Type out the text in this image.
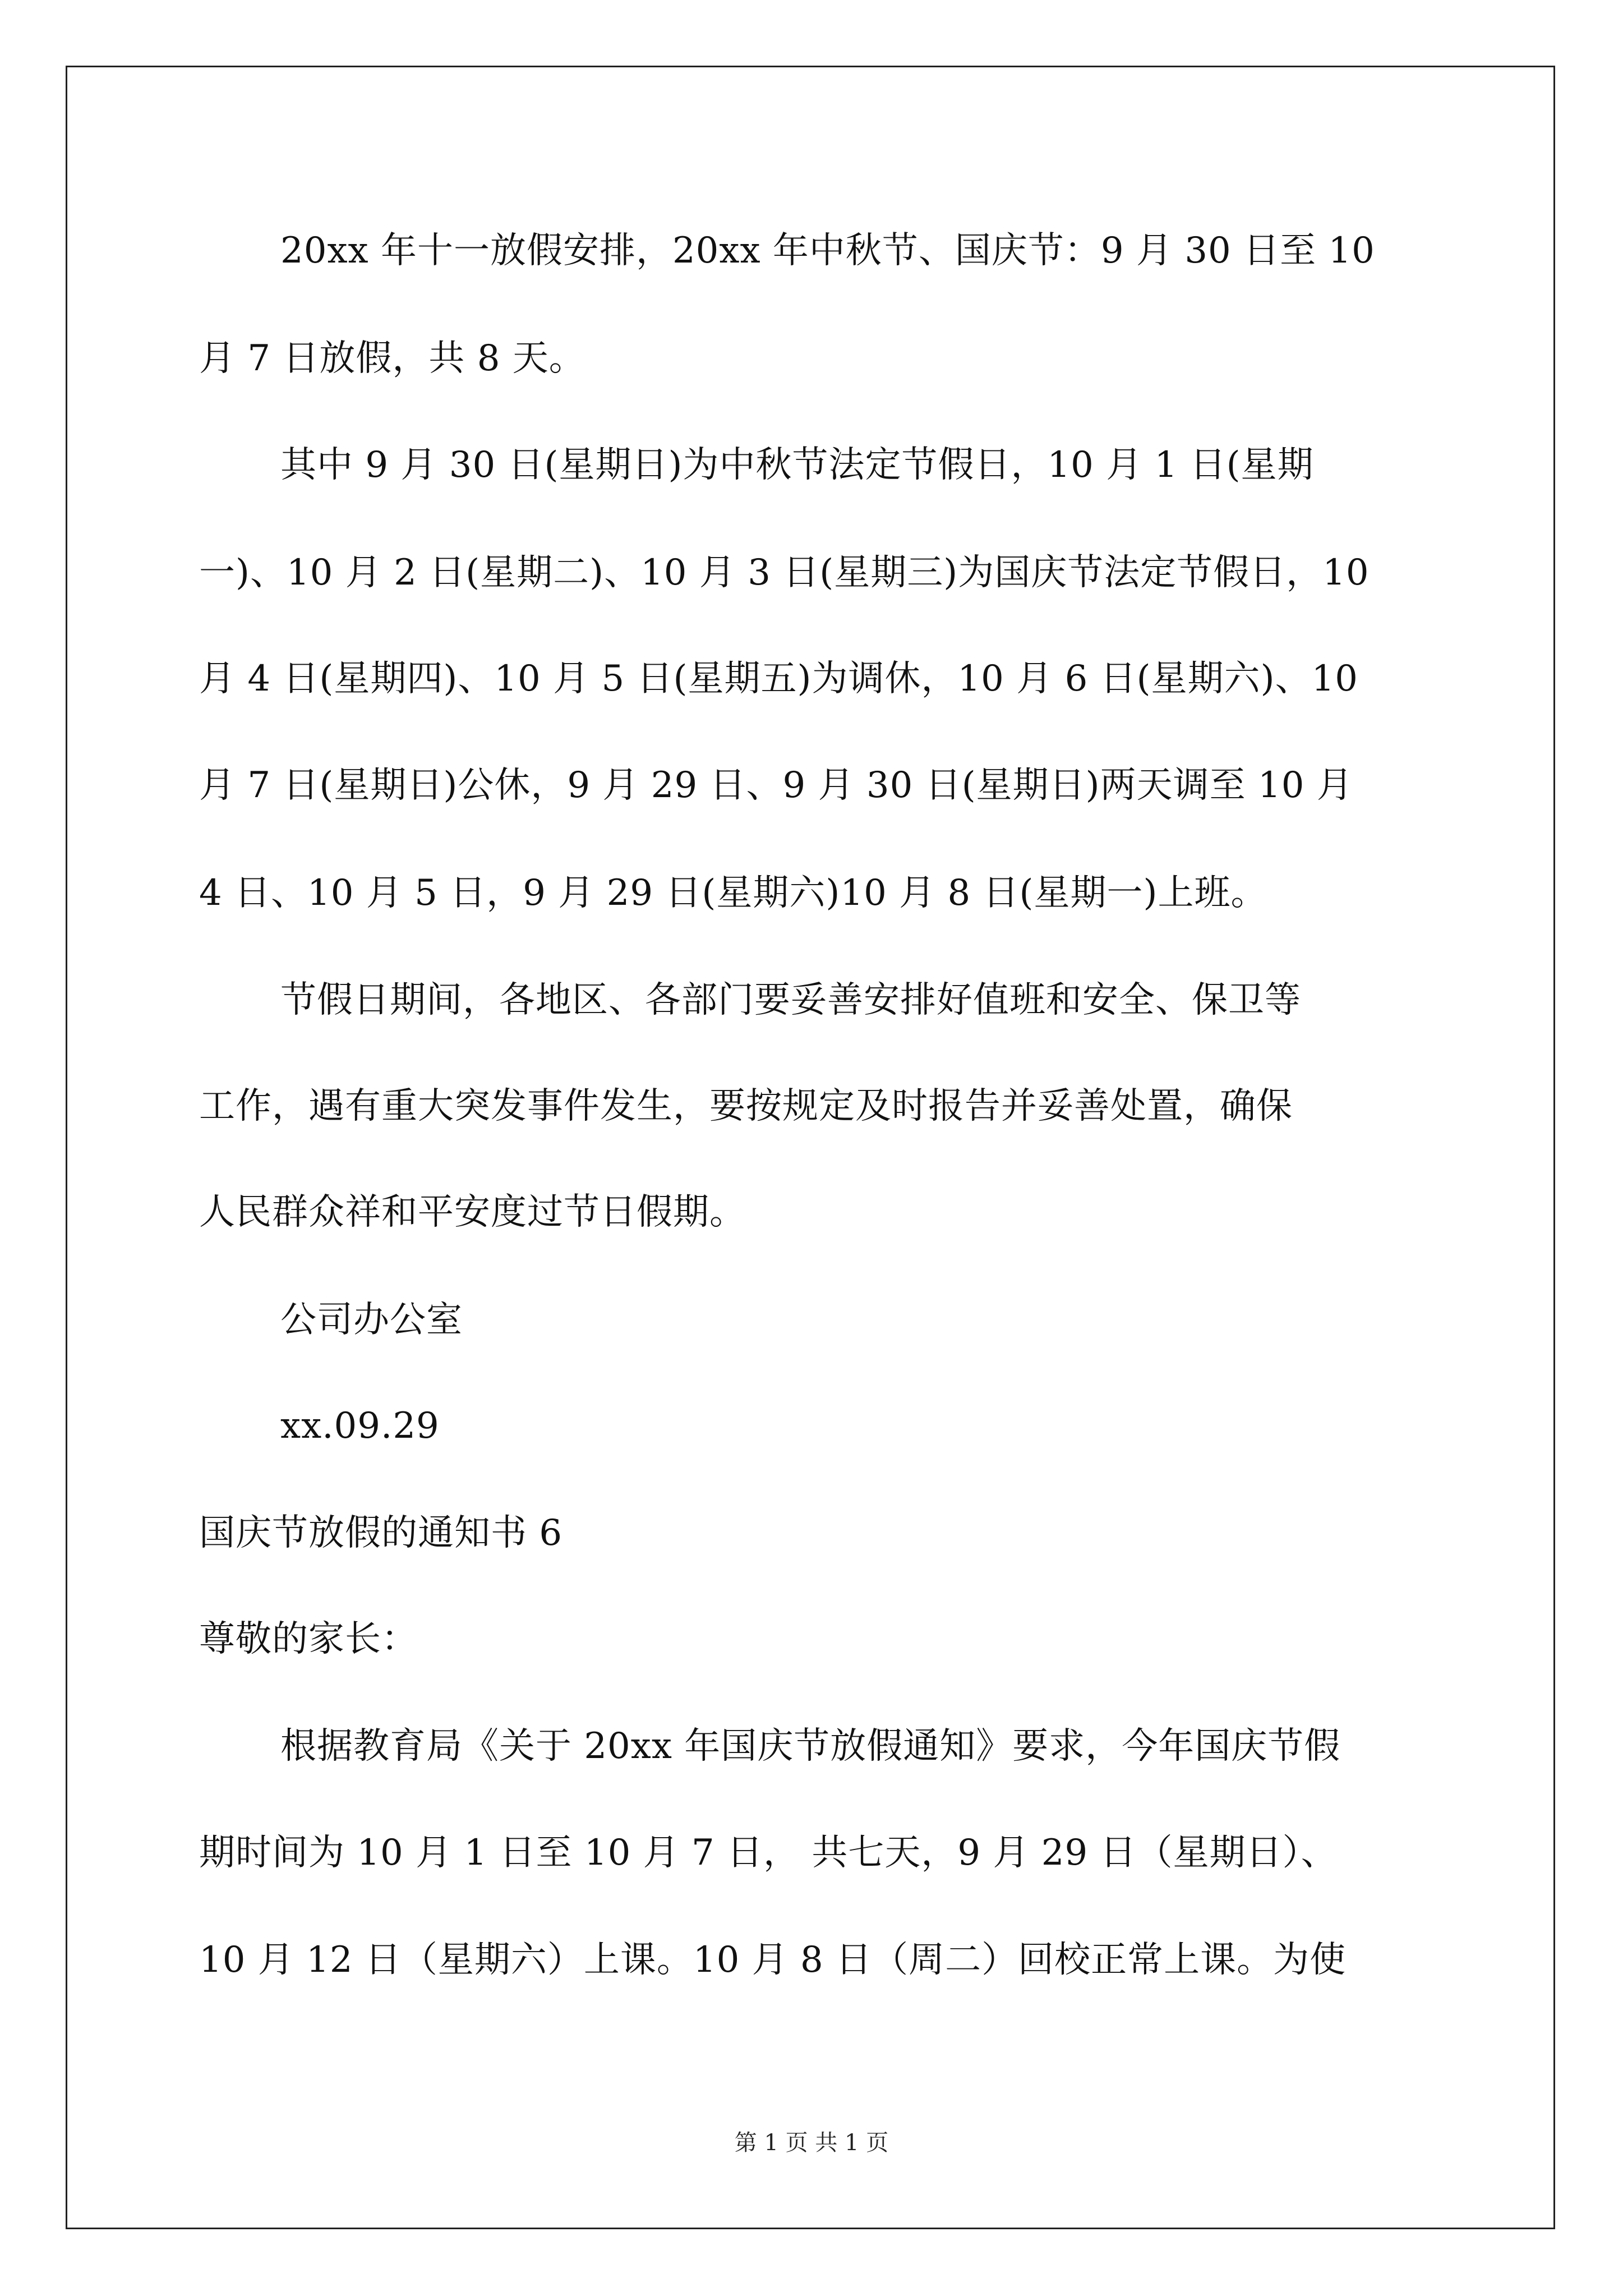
20xx 年十一放假安排，20xx 年中秋节、国庆节：9 月 30 日至 10
月 7 日放假，共 8 天。
其中 9 月 30 日(星期日)为中秋节法定节假日，10 月 1 日(星期
一)、10 月 2 日(星期二)、10 月 3 日(星期三)为国庆节法定节假日，10
月 4 日(星期四)、10 月 5 日(星期五)为调休，10 月 6 日(星期六)、10
月 7 日(星期日)公休，9 月 29 日、9 月 30 日(星期日)两天调至 10 月
4 日、10 月 5 日，9 月 29 日(星期六)10 月 8 日(星期一)上班。
节假日期间，各地区、各部门要妥善安排好值班和安全、保卫等
工作，遇有重大突发事件发生，要按规定及时报告并妥善处置，确保
人民群众祥和平安度过节日假期。
公司办公室
xx.09.29
国庆节放假的通知书 6
尊敬的家长：
根据教育局《关于 20xx 年国庆节放假通知》要求，今年国庆节假
期时间为 10 月 1 日至 10 月 7 日， 共七天，9 月 29 日（星期日）、
10 月 12 日（星期六）上课。10 月 8 日（周二）回校正常上课。为使
第 1 页 共 1 页
